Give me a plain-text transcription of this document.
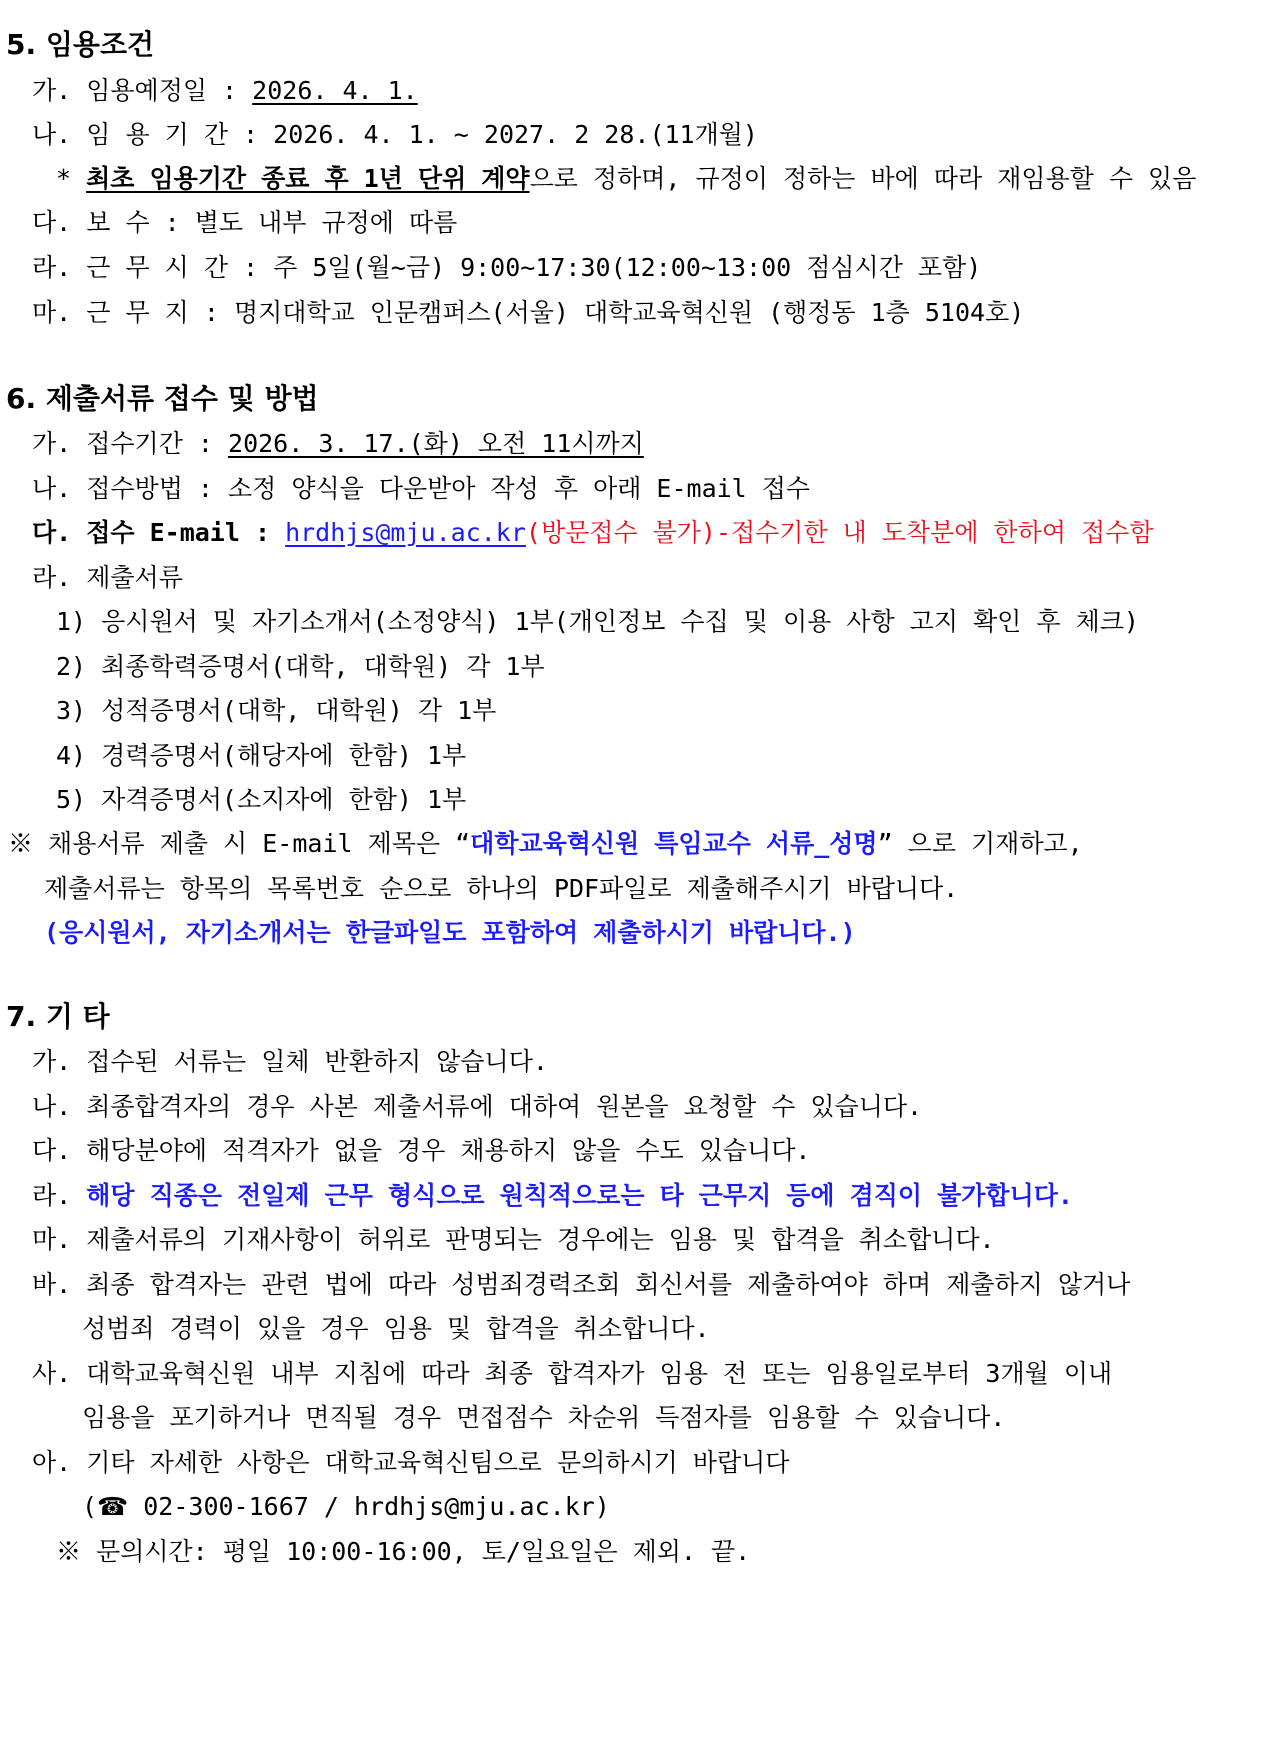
5. 임용조건
가. 임용예정일 : 2026. 4. 1.
나. 임 용 기 간 : 2026. 4. 1. ~ 2027. 2 28.(11개월)
* 최초 임용기간 종료 후 1년 단위 계약으로 정하며, 규정이 정하는 바에 따라 재임용할 수 있음
다. 보 수 : 별도 내부 규정에 따름
라. 근 무 시 간 : 주 5일(월~금) 9:00~17:30(12:00~13:00 점심시간 포함)
마. 근 무 지 : 명지대학교 인문캠퍼스(서울) 대학교육혁신원 (행정동 1층 5104호)
6. 제출서류 접수 및 방법
가. 접수기간 : 2026. 3. 17.(화) 오전 11시까지
나. 접수방법 : 소정 양식을 다운받아 작성 후 아래 E-mail 접수
다. 접수 E-mail : hrdhjs@mju.ac.kr(방문접수 불가)-접수기한 내 도착분에 한하여 접수함
라. 제출서류
1) 응시원서 및 자기소개서(소정양식) 1부(개인정보 수집 및 이용 사항 고지 확인 후 체크)
2) 최종학력증명서(대학, 대학원) 각 1부
3) 성적증명서(대학, 대학원) 각 1부
4) 경력증명서(해당자에 한함) 1부
5) 자격증명서(소지자에 한함) 1부
※ 채용서류 제출 시 E-mail 제목은 “대학교육혁신원 특임교수 서류_성명” 으로 기재하고,
제출서류는 항목의 목록번호 순으로 하나의 PDF파일로 제출해주시기 바랍니다.
(응시원서, 자기소개서는 한글파일도 포함하여 제출하시기 바랍니다.)
7. 기 타
가. 접수된 서류는 일체 반환하지 않습니다.
나. 최종합격자의 경우 사본 제출서류에 대하여 원본을 요청할 수 있습니다.
다. 해당분야에 적격자가 없을 경우 채용하지 않을 수도 있습니다.
라. 해당 직종은 전일제 근무 형식으로 원칙적으로는 타 근무지 등에 겸직이 불가합니다.
마. 제출서류의 기재사항이 허위로 판명되는 경우에는 임용 및 합격을 취소합니다.
바. 최종 합격자는 관련 법에 따라 성범죄경력조회 회신서를 제출하여야 하며 제출하지 않거나
성범죄 경력이 있을 경우 임용 및 합격을 취소합니다.
사. 대학교육혁신원 내부 지침에 따라 최종 합격자가 임용 전 또는 임용일로부터 3개월 이내
임용을 포기하거나 면직될 경우 면접점수 차순위 득점자를 임용할 수 있습니다.
아. 기타 자세한 사항은 대학교육혁신팀으로 문의하시기 바랍니다
(☎ 02-300-1667 / hrdhjs@mju.ac.kr)
※ 문의시간: 평일 10:00-16:00, 토/일요일은 제외. 끝.
